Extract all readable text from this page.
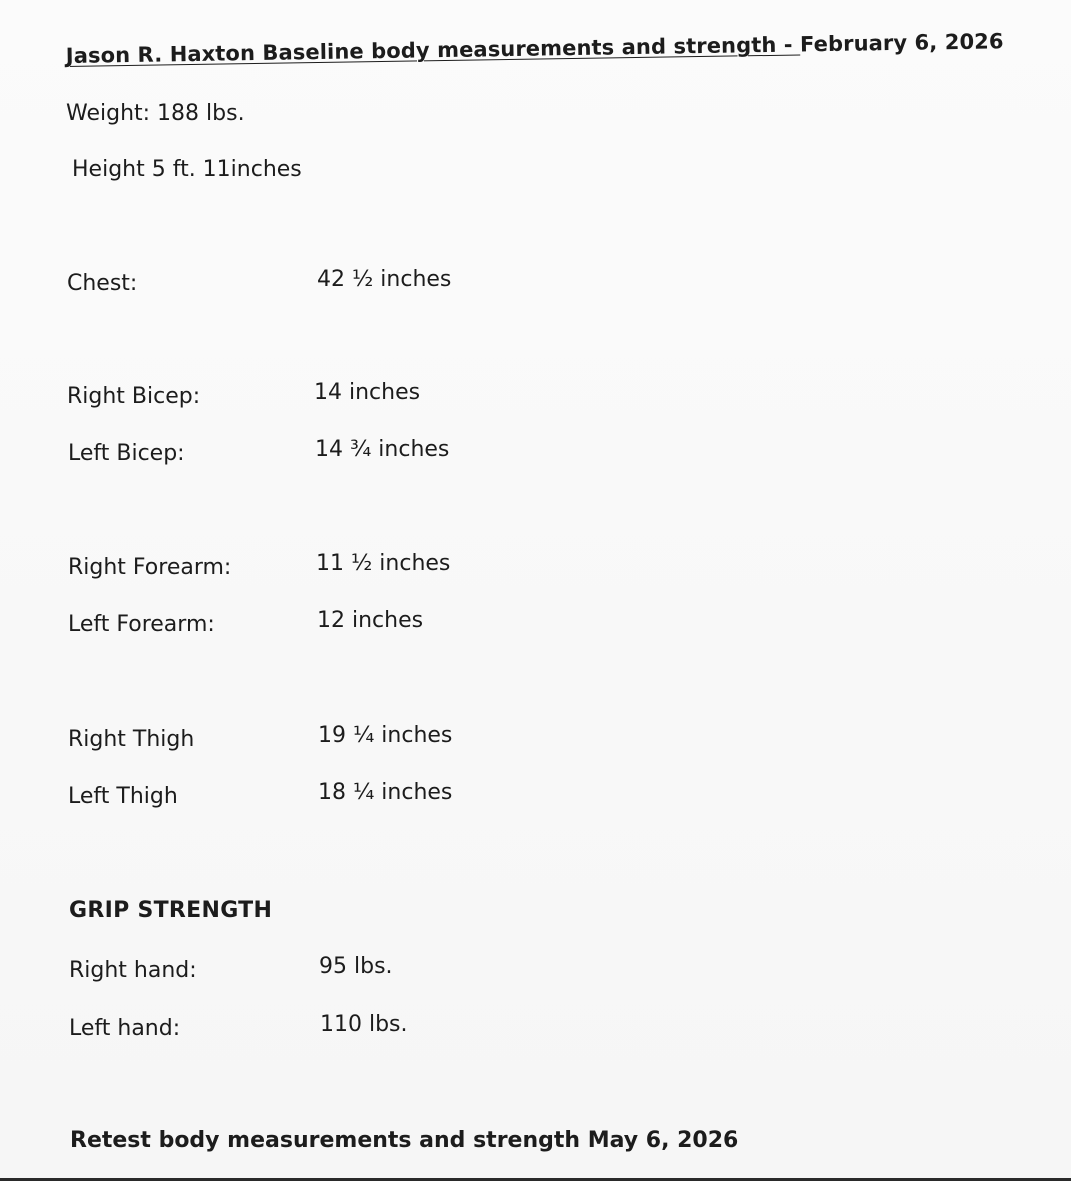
Jason R. Haxton Baseline body measurements and strength - February 6, 2026
Weight: 188 lbs.
Height 5 ft. 11inches
Chest:	42 ½ inches
Right Bicep:	14 inches
Left Bicep:	14 ¾ inches
Right Forearm:	11 ½ inches
Left Forearm:	12 inches
Right Thigh	19 ¼ inches
Left Thigh	18 ¼ inches
GRIP STRENGTH
Right hand:	95 lbs.
Left hand:	110 lbs.
Retest body measurements and strength May 6, 2026
